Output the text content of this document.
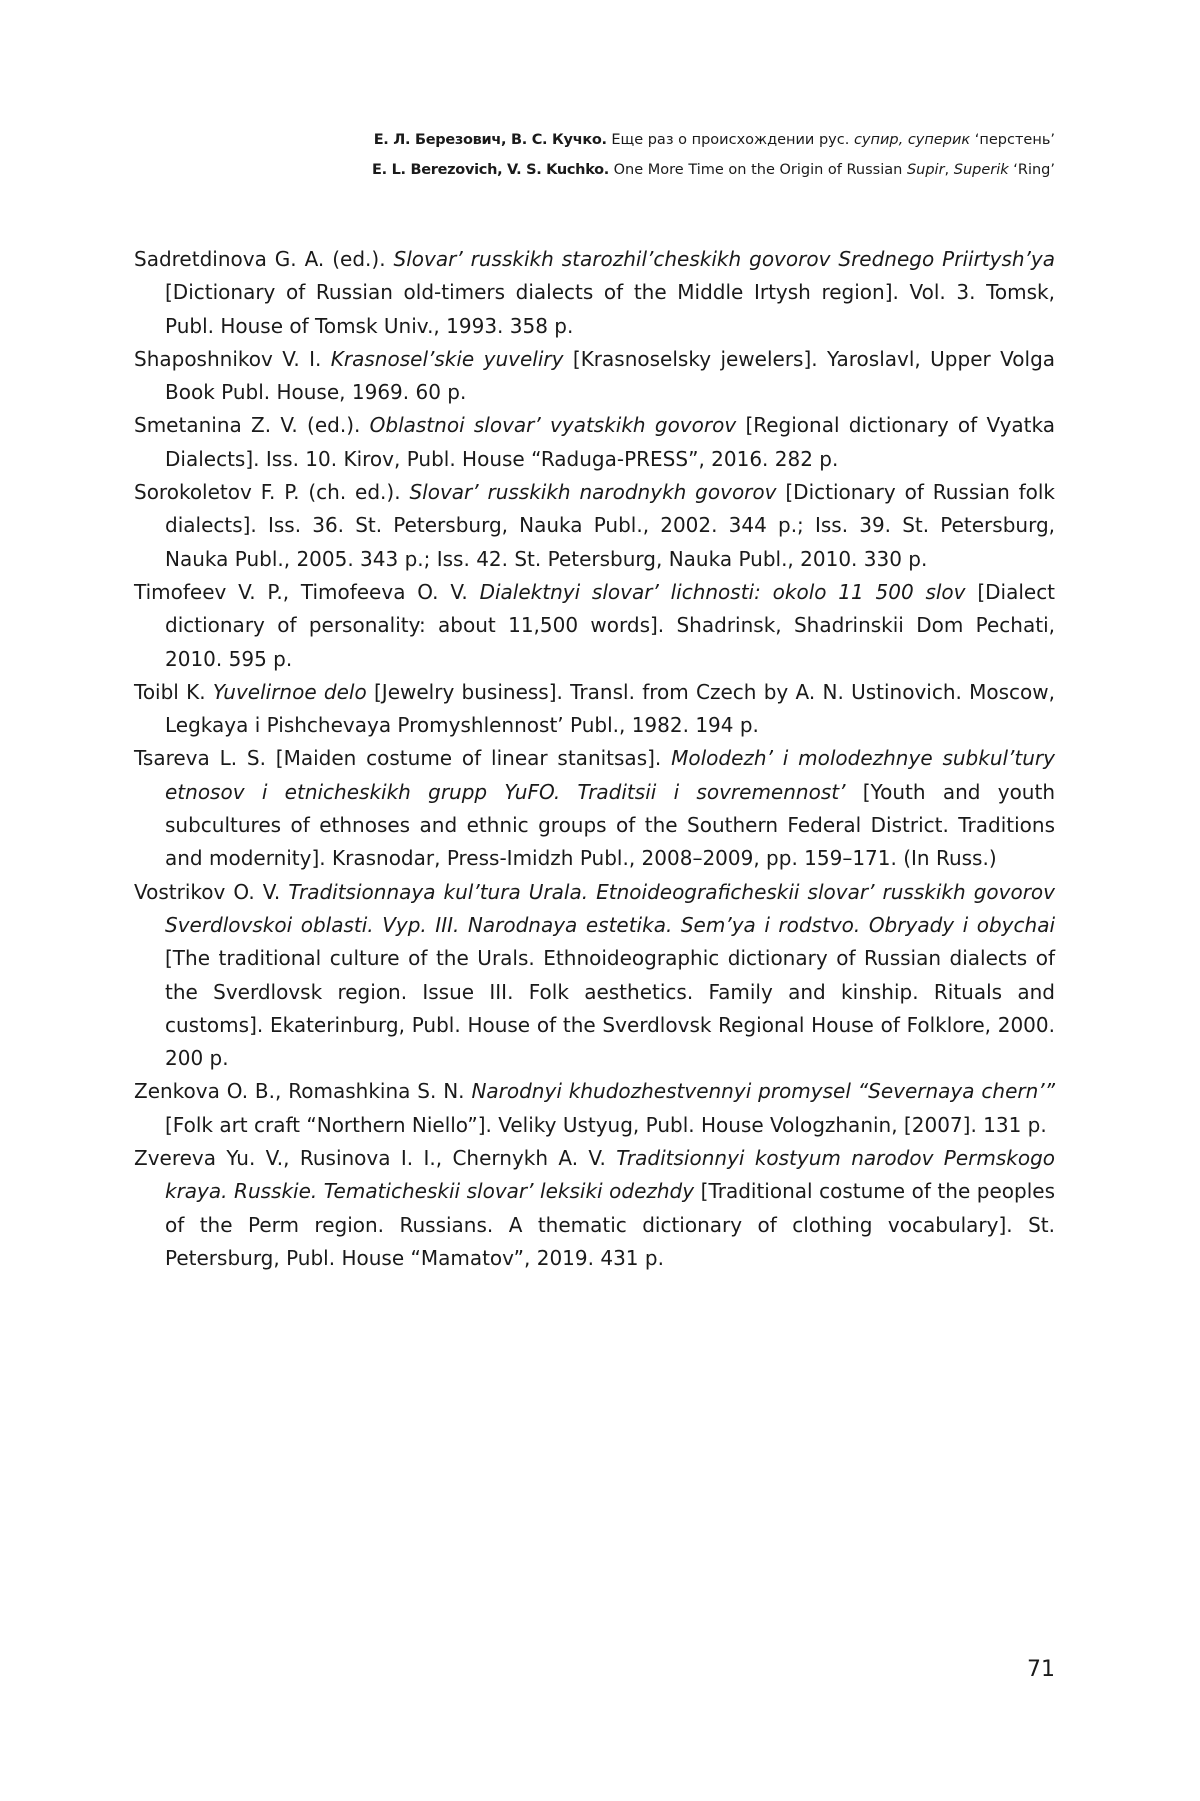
Е. Л. Березович, В. С. Кучко. Еще раз о происхождении рус. супир, суперик ‘перстень’
E. L. Berezovich, V. S. Kuchko. One More Time on the Origin of Russian Supir, Superik ‘Ring’

Sadretdinova G. A. (ed.). Slovar’ russkikh starozhil’cheskikh govorov Srednego Priirtysh’ya [Dictionary of Russian old-timers dialects of the Middle Irtysh region]. Vol. 3. Tomsk, Publ. House of Tomsk Univ., 1993. 358 p.

Shaposhnikov V. I. Krasnosel’skie yuveliry [Krasnoselsky jewelers]. Yaroslavl, Upper Volga Book Publ. House, 1969. 60 p.

Smetanina Z. V. (ed.). Oblastnoi slovar’ vyatskikh govorov [Regional dictionary of Vyatka Dialects]. Iss. 10. Kirov, Publ. House “Raduga-PRESS”, 2016. 282 p.

Sorokoletov F. P. (ch. ed.). Slovar’ russkikh narodnykh govorov [Dictionary of Russian folk dialects]. Iss. 36. St. Petersburg, Nauka Publ., 2002. 344 p.; Iss. 39. St. Petersburg, Nauka Publ., 2005. 343 p.; Iss. 42. St. Petersburg, Nauka Publ., 2010. 330 p.

Timofeev V. P., Timofeeva O. V. Dialektnyi slovar’ lichnosti: okolo 11 500 slov [Dialect dictionary of personality: about 11,500 words]. Shadrinsk, Shadrinskii Dom Pechati, 2010. 595 p.

Toibl K. Yuvelirnoe delo [Jewelry business]. Transl. from Czech by A. N. Ustinovich. Moscow, Legkaya i Pishchevaya Promyshlennost’ Publ., 1982. 194 p.

Tsareva L. S. [Maiden costume of linear stanitsas]. Molodezh’ i molodezhnye subkul’tury etnosov i etnicheskikh grupp YuFO. Traditsii i sovremennost’ [Youth and youth subcultures of ethnoses and ethnic groups of the Southern Federal District. Traditions and modernity]. Krasnodar, Press-Imidzh Publ., 2008–2009, pp. 159–171. (In Russ.)

Vostrikov O. V. Traditsionnaya kul’tura Urala. Etnoideograficheskii slovar’ russkikh govorov Sverdlovskoi oblasti. Vyp. III. Narodnaya estetika. Sem’ya i rodstvo. Obryady i obychai [The traditional culture of the Urals. Ethnoideographic dictionary of Russian dialects of the Sverdlovsk region. Issue III. Folk aesthetics. Family and kinship. Rituals and customs]. Ekaterinburg, Publ. House of the Sverdlovsk Regional House of Folklore, 2000. 200 p.

Zenkova O. B., Romashkina S. N. Narodnyi khudozhestvennyi promysel “Severnaya chern’” [Folk art craft “Northern Niello”]. Veliky Ustyug, Publ. House Vologzhanin, [2007]. 131 p.

Zvereva Yu. V., Rusinova I. I., Chernykh A. V. Traditsionnyi kostyum narodov Permskogo kraya. Russkie. Tematicheskii slovar’ leksiki odezhdy [Traditional costume of the peoples of the Perm region. Russians. A thematic dictionary of clothing vocabulary]. St. Petersburg, Publ. House “Mamatov”, 2019. 431 p.

71
